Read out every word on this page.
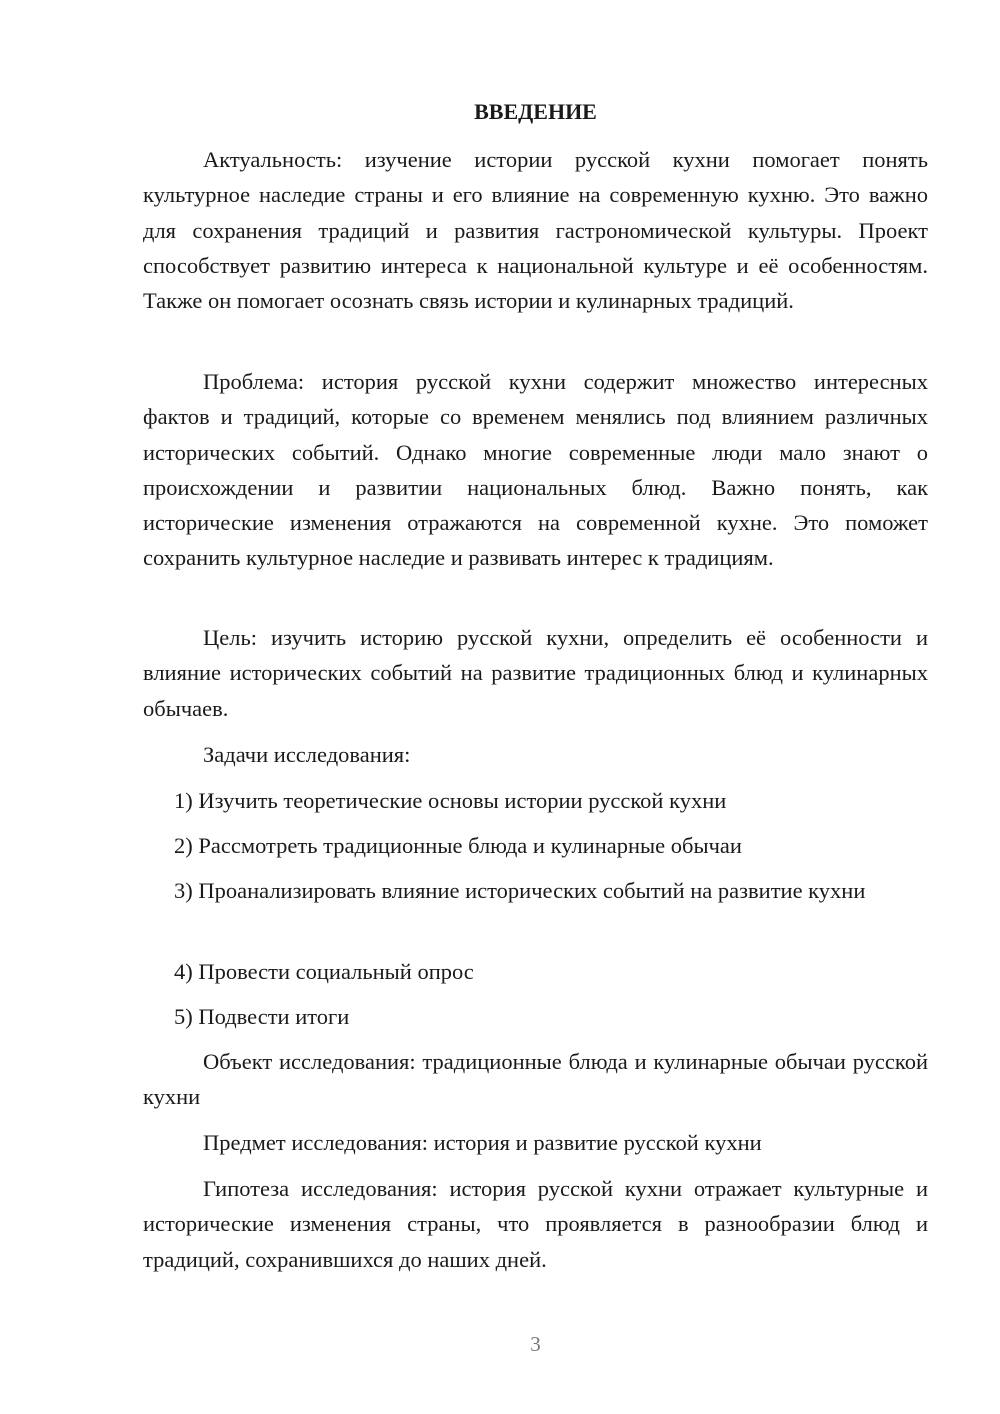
ВВЕДЕНИЕ

Актуальность: изучение истории русской кухни помогает понять культурное наследие страны и его влияние на современную кухню. Это важно для сохранения традиций и развития гастрономической культуры. Проект способствует развитию интереса к национальной культуре и её особенностям. Также он помогает осознать связь истории и кулинарных традиций.

Проблема: история русской кухни содержит множество интересных фактов и традиций, которые со временем менялись под влиянием различных исторических событий. Однако многие современные люди мало знают о происхождении и развитии национальных блюд. Важно понять, как исторические изменения отражаются на современной кухне. Это поможет сохранить культурное наследие и развивать интерес к традициям.

Цель: изучить историю русской кухни, определить её особенности и влияние исторических событий на развитие традиционных блюд и кулинарных обычаев.

Задачи исследования:

1) Изучить теоретические основы истории русской кухни

2) Рассмотреть традиционные блюда и кулинарные обычаи

3) Проанализировать влияние исторических событий на развитие кухни

4) Провести социальный опрос

5) Подвести итоги

Объект исследования: традиционные блюда и кулинарные обычаи русской кухни

Предмет исследования: история и развитие русской кухни

Гипотеза исследования: история русской кухни отражает культурные и исторические изменения страны, что проявляется в разнообразии блюд и традиций, сохранившихся до наших дней.

3
